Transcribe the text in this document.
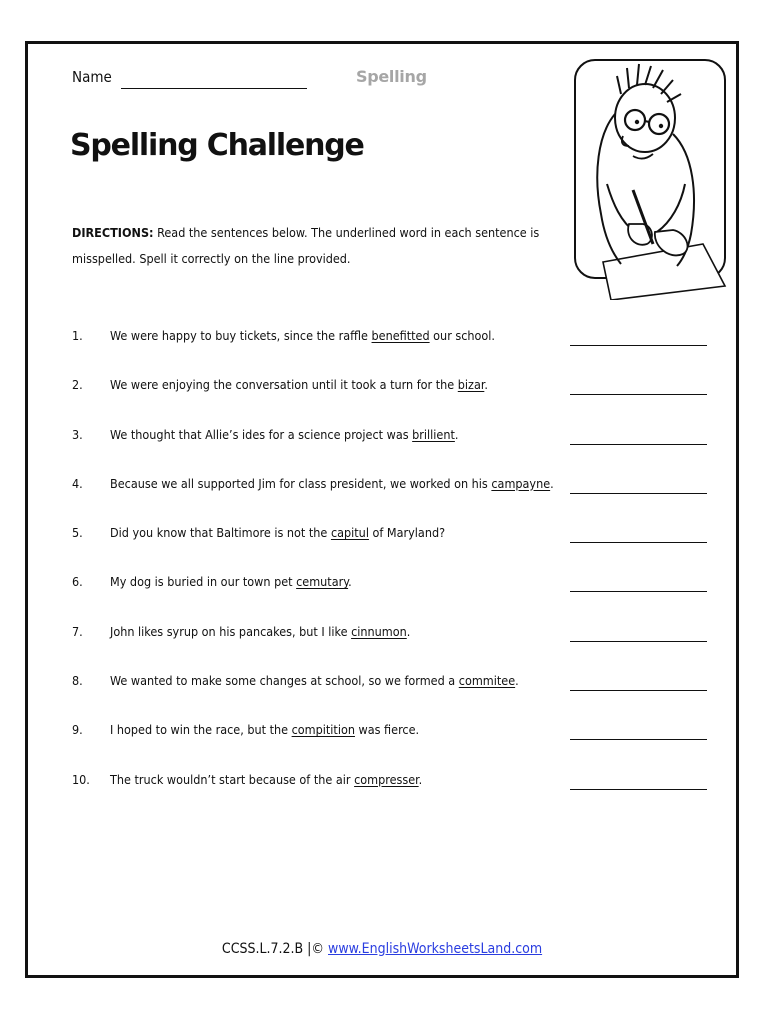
Name	Spelling
Spelling Challenge
DIRECTIONS: Read the sentences below. The underlined word in each sentence is misspelled. Spell it correctly on the line provided.
1. We were happy to buy tickets, since the raffle benefitted our school.
2. We were enjoying the conversation until it took a turn for the bizar.
3. We thought that Allie’s ides for a science project was brillient.
4. Because we all supported Jim for class president, we worked on his campayne.
5. Did you know that Baltimore is not the capitul of Maryland?
6. My dog is buried in our town pet cemutary.
7. John likes syrup on his pancakes, but I like cinnumon.
8. We wanted to make some changes at school, so we formed a commitee.
9. I hoped to win the race, but the compitition was fierce.
10. The truck wouldn’t start because of the air compresser.
CCSS.L.7.2.B |© www.EnglishWorksheetsLand.com
